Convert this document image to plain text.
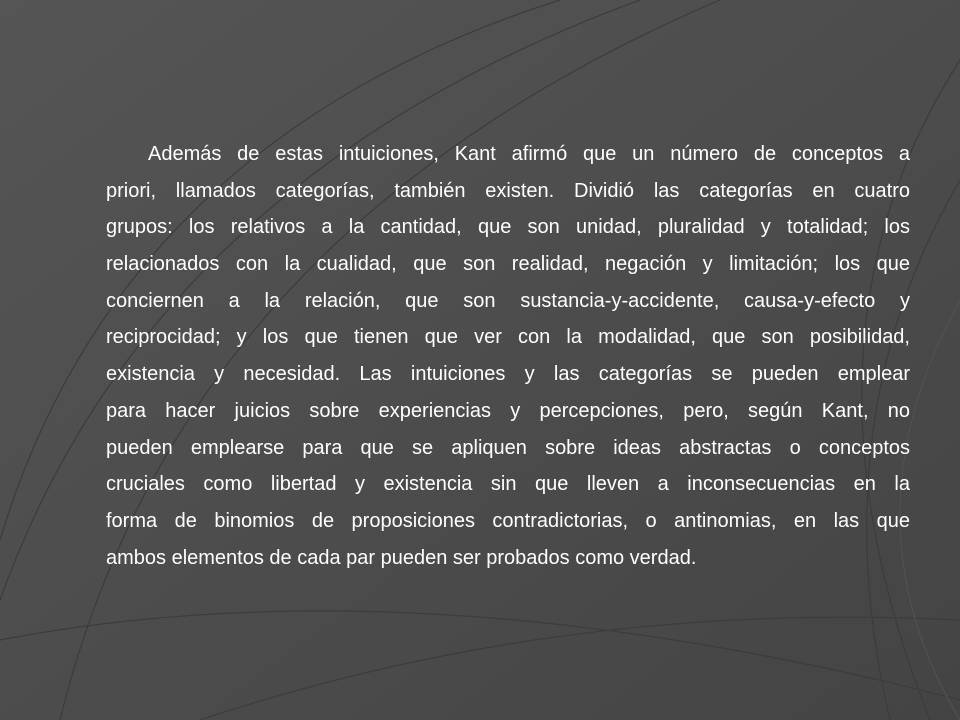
Además de estas intuiciones, Kant afirmó que un número de conceptos a
priori, llamados categorías, también existen. Dividió las categorías en cuatro
grupos: los relativos a la cantidad, que son unidad, pluralidad y totalidad; los
relacionados con la cualidad, que son realidad, negación y limitación; los que
conciernen a la relación, que son sustancia-y-accidente, causa-y-efecto y
reciprocidad; y los que tienen que ver con la modalidad, que son posibilidad,
existencia y necesidad. Las intuiciones y las categorías se pueden emplear
para hacer juicios sobre experiencias y percepciones, pero, según Kant, no
pueden emplearse para que se apliquen sobre ideas abstractas o conceptos
cruciales como libertad y existencia sin que lleven a inconsecuencias en la
forma de binomios de proposiciones contradictorias, o antinomias, en las que
ambos elementos de cada par pueden ser probados como verdad.
